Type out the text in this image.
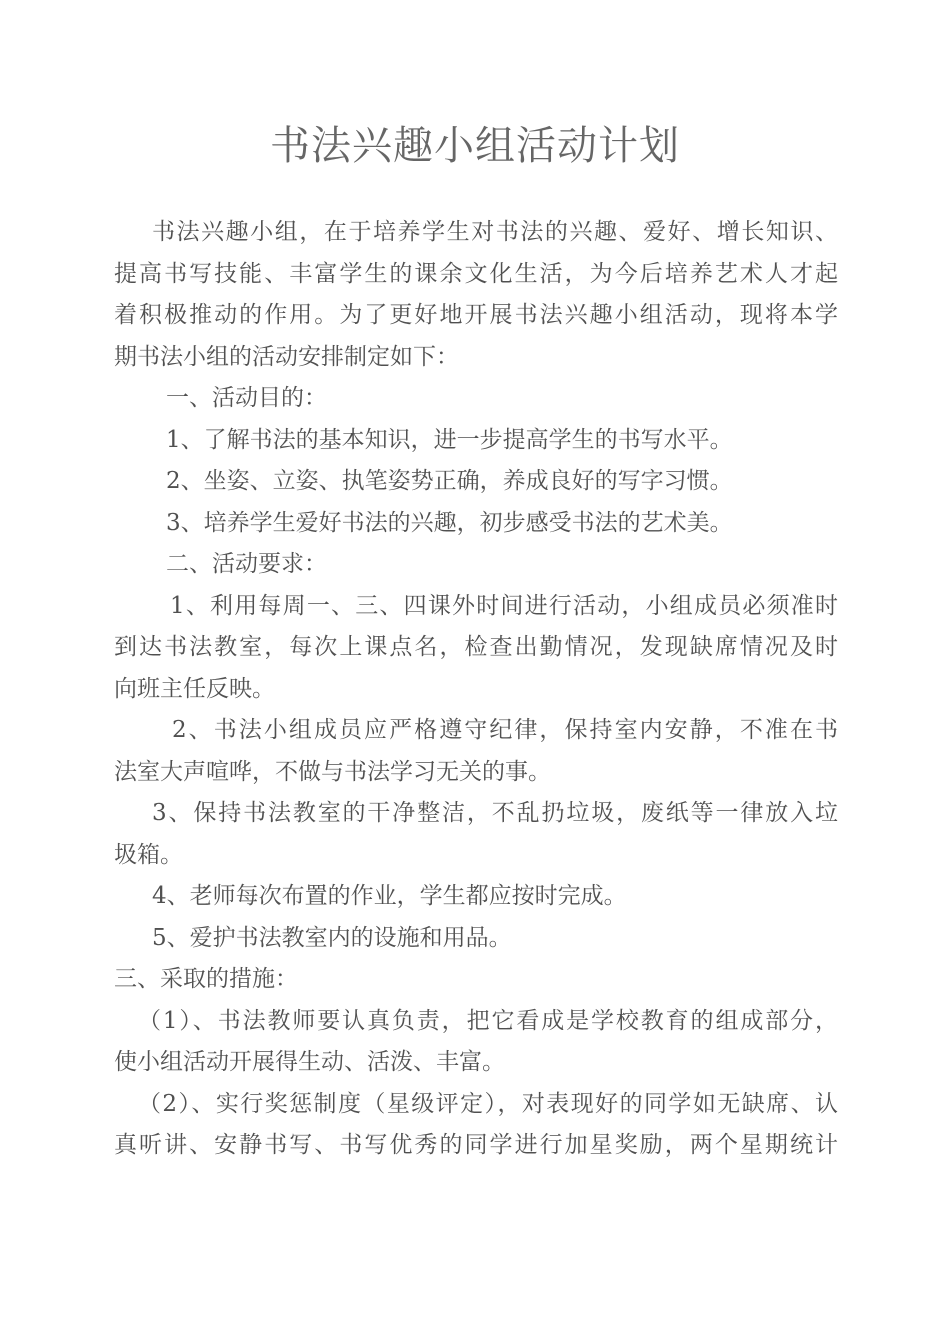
书法兴趣小组活动计划
书法兴趣小组，在于培养学生对书法的兴趣、爱好、增长知识、
提高书写技能、丰富学生的课余文化生活，为今后培养艺术人才起
着积极推动的作用。为了更好地开展书法兴趣小组活动，现将本学
期书法小组的活动安排制定如下：
一、活动目的：
1、了解书法的基本知识，进一步提高学生的书写水平。
2、坐姿、立姿、执笔姿势正确，养成良好的写字习惯。
3、培养学生爱好书法的兴趣，初步感受书法的艺术美。
二、活动要求：
1、利用每周一、三、四课外时间进行活动，小组成员必须准时
到达书法教室，每次上课点名，检查出勤情况，发现缺席情况及时
向班主任反映。
2、书法小组成员应严格遵守纪律，保持室内安静，不准在书
法室大声喧哗，不做与书法学习无关的事。
3、保持书法教室的干净整洁，不乱扔垃圾，废纸等一律放入垃
圾箱。
4、老师每次布置的作业，学生都应按时完成。
5、爱护书法教室内的设施和用品。
三、采取的措施：
（1）、书法教师要认真负责，把它看成是学校教育的组成部分，
使小组活动开展得生动、活泼、丰富。
（2）、实行奖惩制度（星级评定），对表现好的同学如无缺席、认
真听讲、安静书写、书写优秀的同学进行加星奖励，两个星期统计
